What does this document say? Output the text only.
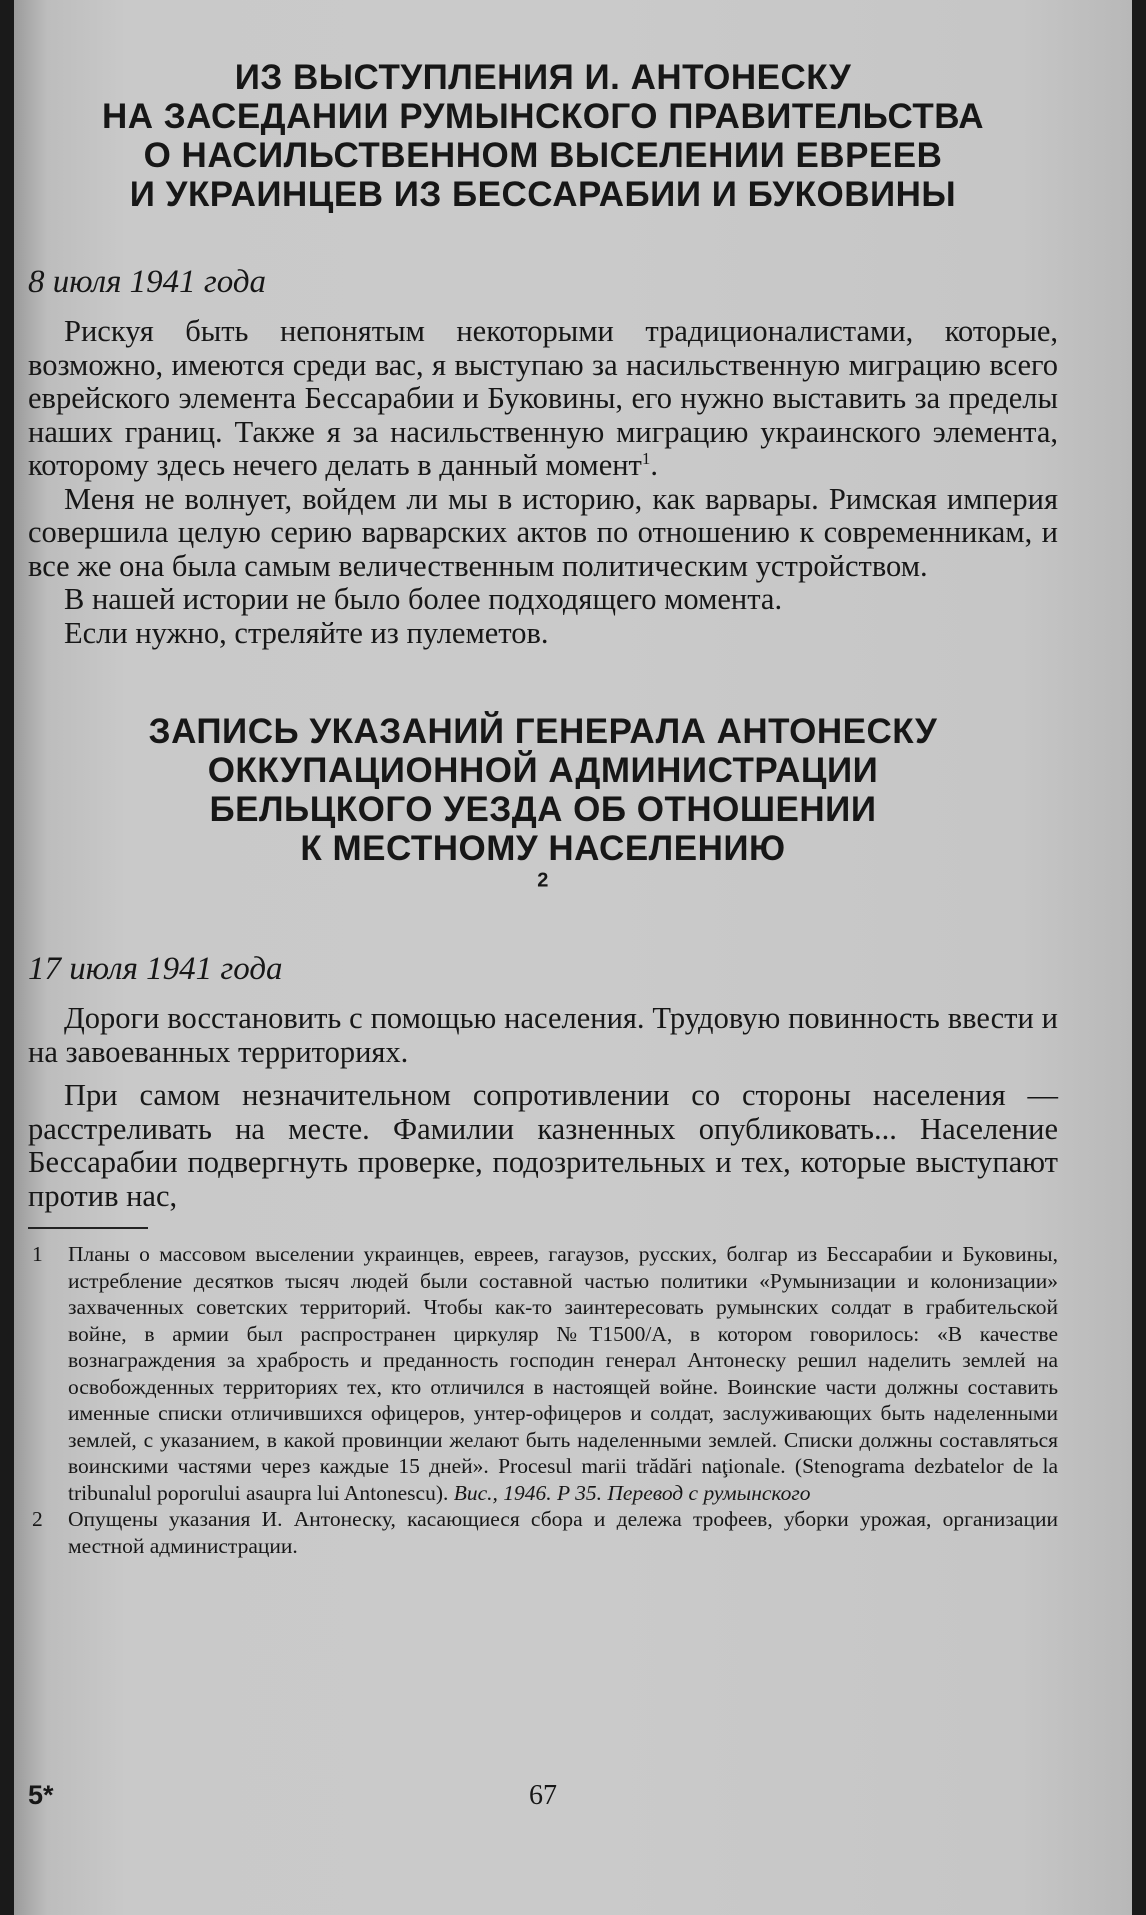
ИЗ ВЫСТУПЛЕНИЯ И. АНТОНЕСКУ
НА ЗАСЕДАНИИ РУМЫНСКОГО ПРАВИТЕЛЬСТВА
О НАСИЛЬСТВЕННОМ ВЫСЕЛЕНИИ ЕВРЕЕВ
И УКРАИНЦЕВ ИЗ БЕССАРАБИИ И БУКОВИНЫ

8 июля 1941 года

Рискуя быть непонятым некоторыми традиционалистами, которые, возможно, имеются среди вас, я выступаю за насильственную миграцию всего еврейского элемента Бессарабии и Буковины, его нужно выставить за пределы наших границ. Также я за насильственную миграцию украинского элемента, которому здесь нечего делать в данный момент$^1$.

Меня не волнует, войдем ли мы в историю, как варвары. Римская империя совершила целую серию варварских актов по отношению к современникам, и все же она была самым величественным политическим устройством.

В нашей истории не было более подходящего момента.

Если нужно, стреляйте из пулеметов.

ЗАПИСЬ УКАЗАНИЙ ГЕНЕРАЛА АНТОНЕСКУ
ОККУПАЦИОННОЙ АДМИНИСТРАЦИИ
БЕЛЬЦКОГО УЕЗДА ОБ ОТНОШЕНИИ
К МЕСТНОМУ НАСЕЛЕНИЮ
$^2$

17 июля 1941 года

Дороги восстановить с помощью населения. Трудовую повинность ввести и на завоеванных территориях.

При самом незначительном сопротивлении со стороны населения — расстреливать на месте. Фамилии казненных опубликовать... Население Бессарабии подвергнуть проверке, подозрительных и тех, которые выступают против нас,

1	Планы о массовом выселении украинцев, евреев, гагаузов, русских, болгар из Бессарабии и Буковины, истребление десятков тысяч людей были составной частью политики «Румынизации и колонизации» захваченных советских территорий. Чтобы как-то заинтересовать румынских солдат в грабительской войне, в армии был распространен циркуляр №Т1500/А, в котором говорилось: «В качестве вознаграждения за храбрость и преданность господин генерал Антонеску решил наделить землей на освобожденных территориях тех, кто отличился в настоящей войне. Воинские части должны составить именные списки отличившихся офицеров, унтер-офицеров и солдат, заслуживающих быть наделенными землей, с указанием, в какой провинции желают быть наделенными землей. Списки должны составляться воинскими частями через каждые 15 дней». Procesul marii trădări naţionale. (Stenograma dezbatelor de la tribunalul poporului asaupra lui Antonescu). Buc., 1946. P 35. Перевод с румынского
2	Опущены указания И. Антонеску, касающиеся сбора и дележа трофеев, уборки урожая, организации местной администрации.
5*	67
